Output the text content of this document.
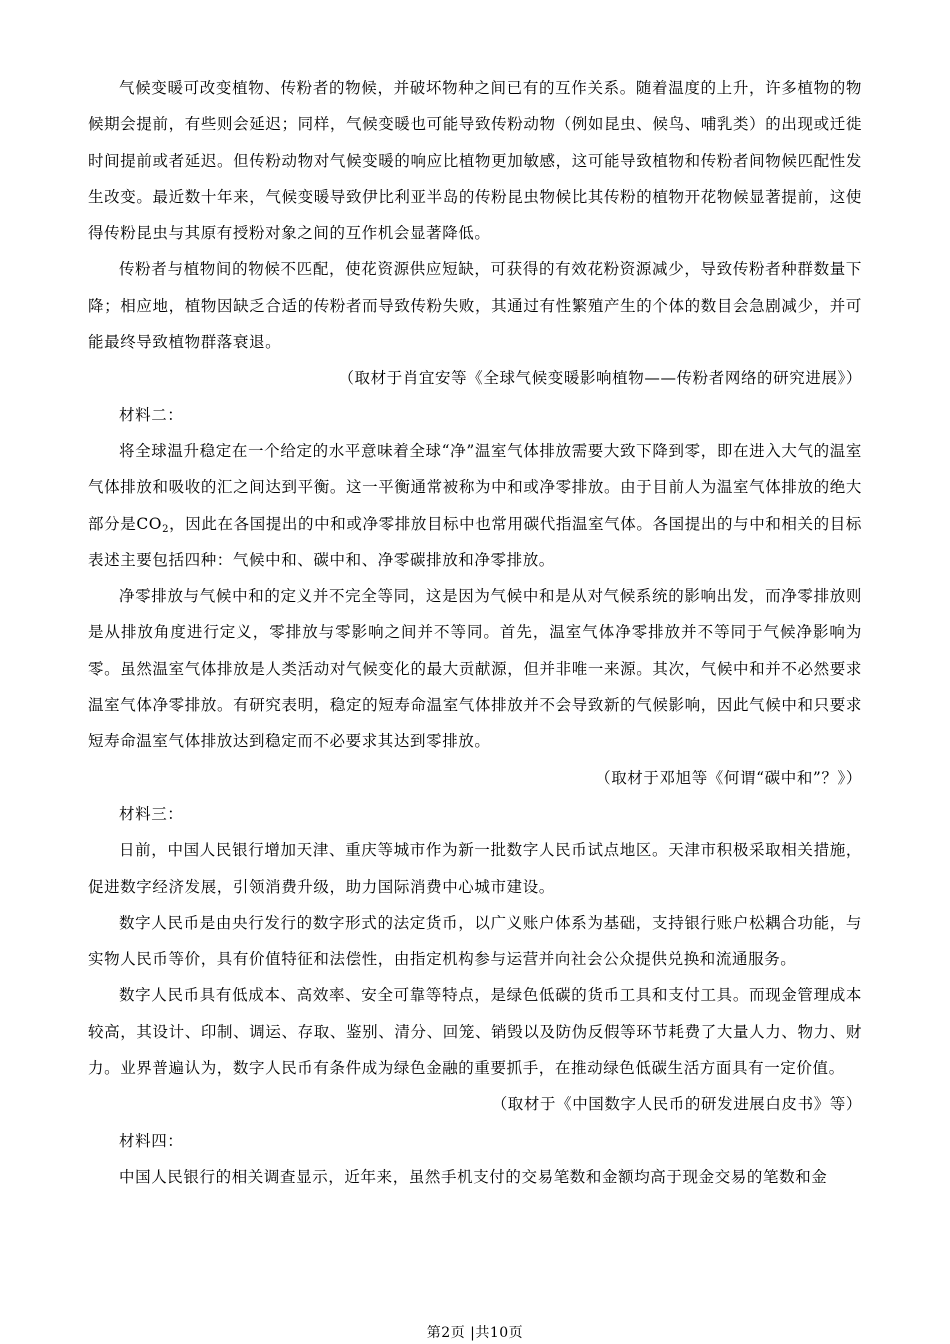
气候变暖可改变植物、传粉者的物候，并破坏物种之间已有的互作关系。随着温度的上升，许多植物的物候期会提前，有些则会延迟；同样，气候变暖也可能导致传粉动物（例如昆虫、候鸟、哺乳类）的出现或迁徙时间提前或者延迟。但传粉动物对气候变暖的响应比植物更加敏感，这可能导致植物和传粉者间物候匹配性发生改变。最近数十年来，气候变暖导致伊比利亚半岛的传粉昆虫物候比其传粉的植物开花物候显著提前，这使得传粉昆虫与其原有授粉对象之间的互作机会显著降低。

传粉者与植物间的物候不匹配，使花资源供应短缺，可获得的有效花粉资源减少，导致传粉者种群数量下降；相应地，植物因缺乏合适的传粉者而导致传粉失败，其通过有性繁殖产生的个体的数目会急剧减少，并可能最终导致植物群落衰退。

（取材于肖宜安等《全球气候变暖影响植物——传粉者网络的研究进展》）

材料二：

将全球温升稳定在一个给定的水平意味着全球“净”温室气体排放需要大致下降到零，即在进入大气的温室气体排放和吸收的汇之间达到平衡。这一平衡通常被称为中和或净零排放。由于目前人为温室气体排放的绝大部分是$CO_2$，因此在各国提出的中和或净零排放目标中也常用碳代指温室气体。各国提出的与中和相关的目标表述主要包括四种：气候中和、碳中和、净零碳排放和净零排放。

净零排放与气候中和的定义并不完全等同，这是因为气候中和是从对气候系统的影响出发，而净零排放则是从排放角度进行定义，零排放与零影响之间并不等同。首先，温室气体净零排放并不等同于气候净影响为零。虽然温室气体排放是人类活动对气候变化的最大贡献源，但并非唯一来源。其次，气候中和并不必然要求温室气体净零排放。有研究表明，稳定的短寿命温室气体排放并不会导致新的气候影响，因此气候中和只要求短寿命温室气体排放达到稳定而不必要求其达到零排放。

（取材于邓旭等《何谓“碳中和”？》）

材料三：

日前，中国人民银行增加天津、重庆等城市作为新一批数字人民币试点地区。天津市积极采取相关措施，促进数字经济发展，引领消费升级，助力国际消费中心城市建设。

数字人民币是由央行发行的数字形式的法定货币，以广义账户体系为基础，支持银行账户松耦合功能，与实物人民币等价，具有价值特征和法偿性，由指定机构参与运营并向社会公众提供兑换和流通服务。

数字人民币具有低成本、高效率、安全可靠等特点，是绿色低碳的货币工具和支付工具。而现金管理成本较高，其设计、印制、调运、存取、鉴别、清分、回笼、销毁以及防伪反假等环节耗费了大量人力、物力、财力。业界普遍认为，数字人民币有条件成为绿色金融的重要抓手，在推动绿色低碳生活方面具有一定价值。

（取材于《中国数字人民币的研发进展白皮书》等）

材料四：

中国人民银行的相关调查显示，近年来，虽然手机支付的交易笔数和金额均高于现金交易的笔数和金

第2页 |共10页
